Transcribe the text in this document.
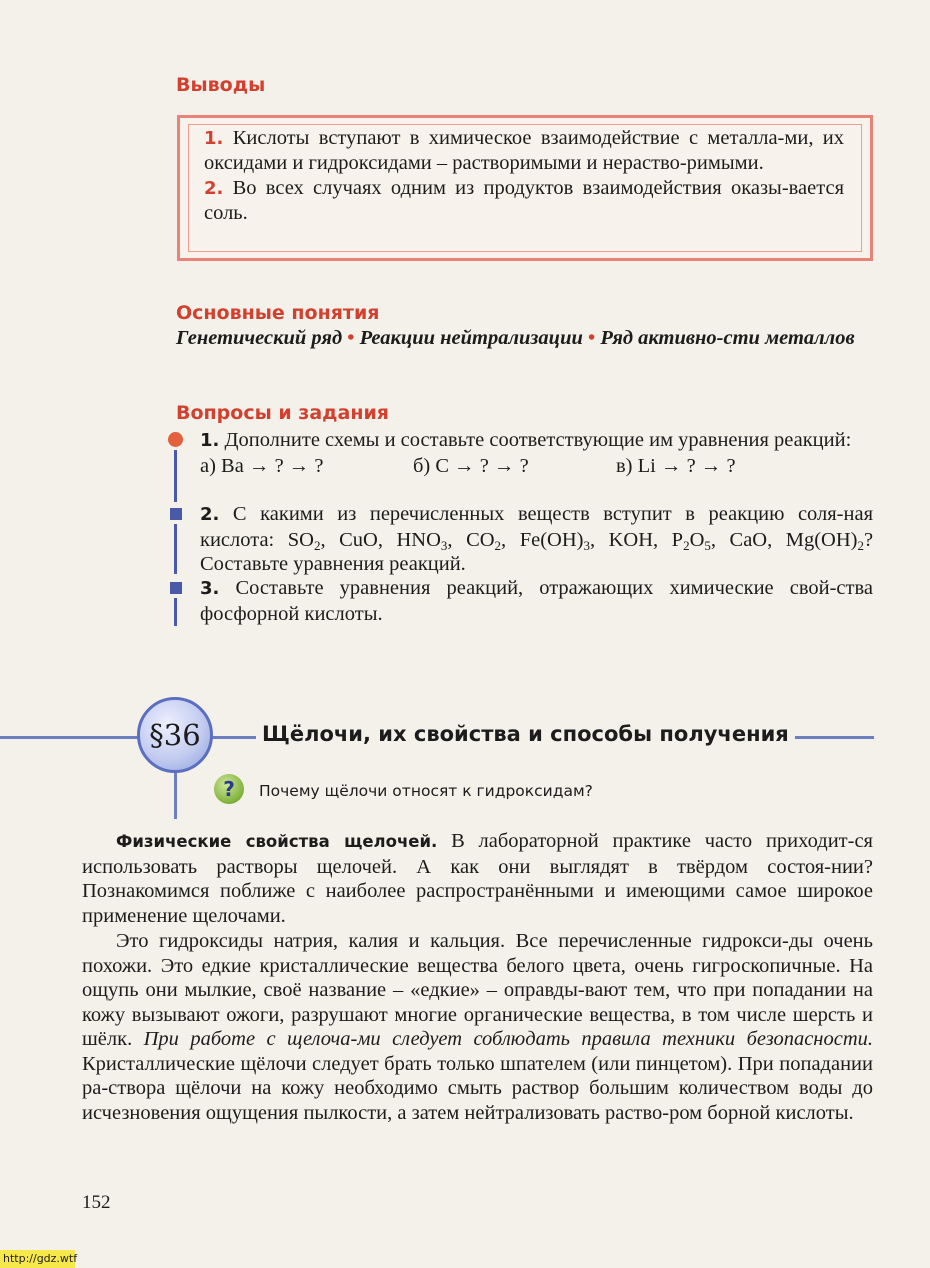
Выводы
1. Кислоты вступают в химическое взаимодействие с металла-ми, их оксидами и гидроксидами – растворимыми и нераство-римыми.
2. Во всех случаях одним из продуктов взаимодействия оказы-вается соль.
Основные понятия
Генетический ряд • Реакции нейтрализации • Ряд активно-сти металлов
Вопросы и задания
1. Дополните схемы и составьте соответствующие им уравнения реакций:
а) Ba → ? → ?	б) C → ? → ?	в) Li → ? → ?
2. С какими из перечисленных веществ вступит в реакцию соля-ная кислота: $SO_2$, CuO, $HNO_3$, $CO_2$, $Fe(OH)_3$, KOH, $P_2O_5$, CaO, $Mg(OH)_2$? Составьте уравнения реакций.
3. Составьте уравнения реакций, отражающих химические свой-ства фосфорной кислоты.
§36	Щёлочи, их свойства и способы получения
?	Почему щёлочи относят к гидроксидам?

Физические свойства щелочей. В лабораторной практике часто приходит-ся использовать растворы щелочей. А как они выглядят в твёрдом состоя-нии? Познакомимся поближе с наиболее распространёнными и имеющими самое широкое применение щелочами.

Это гидроксиды натрия, калия и кальция. Все перечисленные гидрокси-ды очень похожи. Это едкие кристаллические вещества белого цвета, очень гигроскопичные. На ощупь они мылкие, своё название – «едкие» – оправды-вают тем, что при попадании на кожу вызывают ожоги, разрушают многие органические вещества, в том числе шерсть и шёлк. При работе с щелоча-ми следует соблюдать правила техники безопасности. Кристаллические щёлочи следует брать только шпателем (или пинцетом). При попадании ра-створа щёлочи на кожу необходимо смыть раствор большим количеством воды до исчезновения ощущения пылкости, а затем нейтрализовать раство-ром борной кислоты.

152
http://gdz.wtf
